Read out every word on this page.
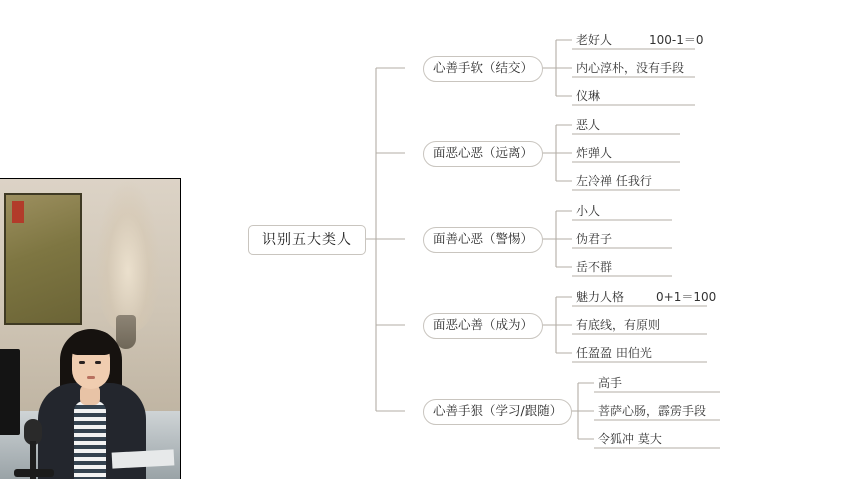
识别五大类人
心善手软（结交）
老好人	100-1＝0
内心淳朴，没有手段
仪琳
面恶心恶（远离）
恶人
炸弹人
左冷禅 任我行
面善心恶（警惕）
小人
伪君子
岳不群
面恶心善（成为）
魅力人格	0+1＝100
有底线，有原则
任盈盈 田伯光
心善手狠（学习/跟随）
高手
菩萨心肠，霹雳手段
令狐冲 莫大
